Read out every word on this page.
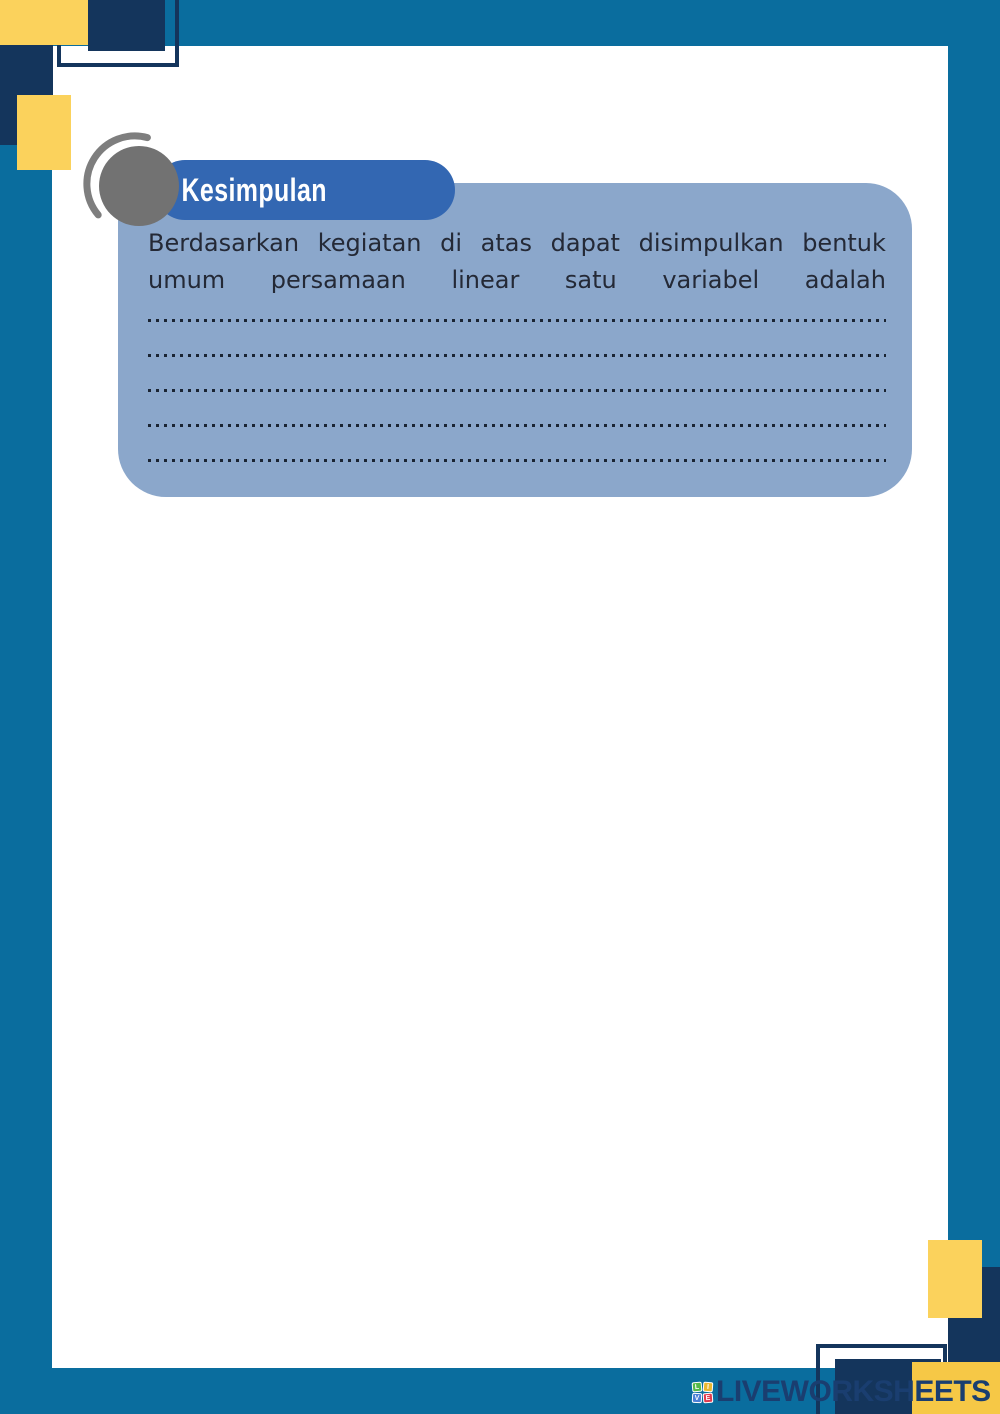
Kesimpulan
Berdasarkan kegiatan di atas dapat disimpulkan bentuk
umum persamaan linear satu variabel adalah
L	I
V E LIVEWORKSHEETS
